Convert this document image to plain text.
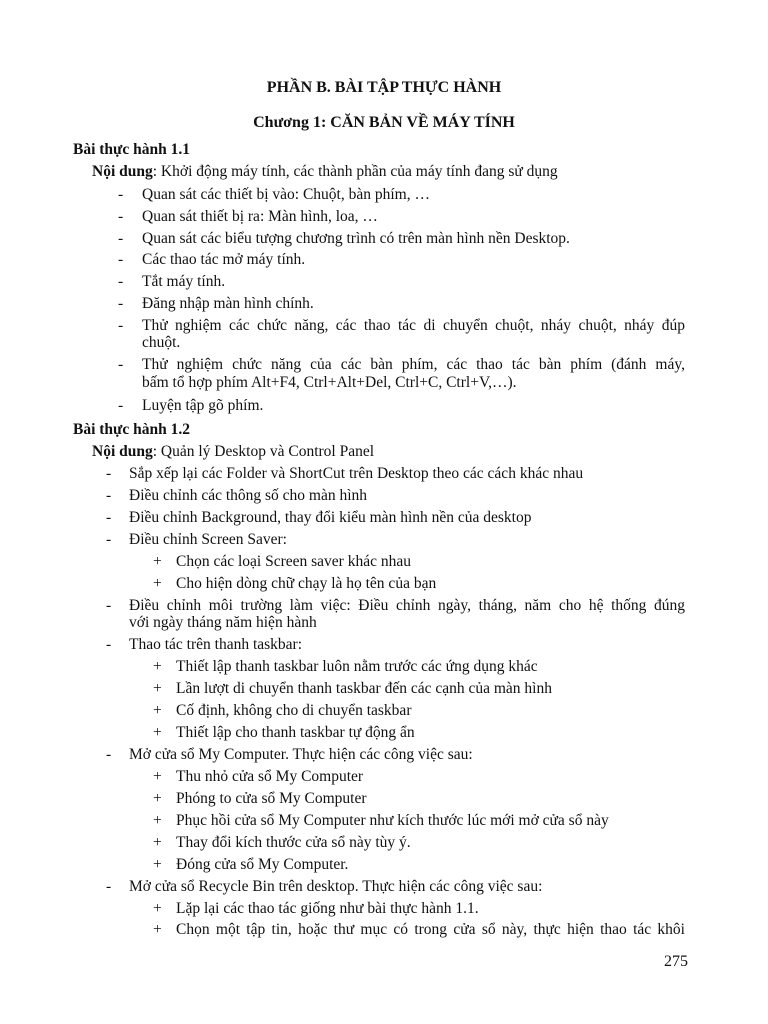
PHẦN B. BÀI TẬP THỰC HÀNH
Chương 1: CĂN BẢN VỀ MÁY TÍNH
Bài thực hành 1.1
Nội dung: Khởi động máy tính, các thành phần của máy tính đang sử dụng
- Quan sát các thiết bị vào: Chuột, bàn phím, …
- Quan sát thiết bị ra: Màn hình, loa, …
- Quan sát các biểu tượng chương trình có trên màn hình nền Desktop.
- Các thao tác mở máy tính.
- Tắt máy tính.
- Đăng nhập màn hình chính.
- Thử nghiệm các chức năng, các thao tác di chuyển chuột, nháy chuột, nháy đúp
chuột.
- Thử nghiệm chức năng của các bàn phím, các thao tác bàn phím (đánh máy,
bấm tổ hợp phím Alt+F4, Ctrl+Alt+Del, Ctrl+C, Ctrl+V,…).
- Luyện tập gõ phím.
Bài thực hành 1.2
Nội dung: Quản lý Desktop và Control Panel
- Sắp xếp lại các Folder và ShortCut trên Desktop theo các cách khác nhau
- Điều chỉnh các thông số cho màn hình
- Điều chỉnh Background, thay đổi kiểu màn hình nền của desktop
- Điều chỉnh Screen Saver:
+ Chọn các loại Screen saver khác nhau
+ Cho hiện dòng chữ chạy là họ tên của bạn
- Điều chỉnh môi trường làm việc: Điều chỉnh ngày, tháng, năm cho hệ thống đúng
với ngày tháng năm hiện hành
- Thao tác trên thanh taskbar:
+ Thiết lập thanh taskbar luôn nằm trước các ứng dụng khác
+ Lần lượt di chuyển thanh taskbar đến các cạnh của màn hình
+ Cố định, không cho di chuyển taskbar
+ Thiết lập cho thanh taskbar tự động ẩn
- Mở cửa sổ My Computer. Thực hiện các công việc sau:
+ Thu nhỏ cửa sổ My Computer
+ Phóng to cửa sổ My Computer
+ Phục hồi cửa sổ My Computer như kích thước lúc mới mở cửa sổ này
+ Thay đổi kích thước cửa sổ này tùy ý.
+ Đóng cửa sổ My Computer.
- Mở cửa sổ Recycle Bin trên desktop. Thực hiện các công việc sau:
+ Lặp lại các thao tác giống như bài thực hành 1.1.
+ Chọn một tập tin, hoặc thư mục có trong cửa sổ này, thực hiện thao tác khôi
275
